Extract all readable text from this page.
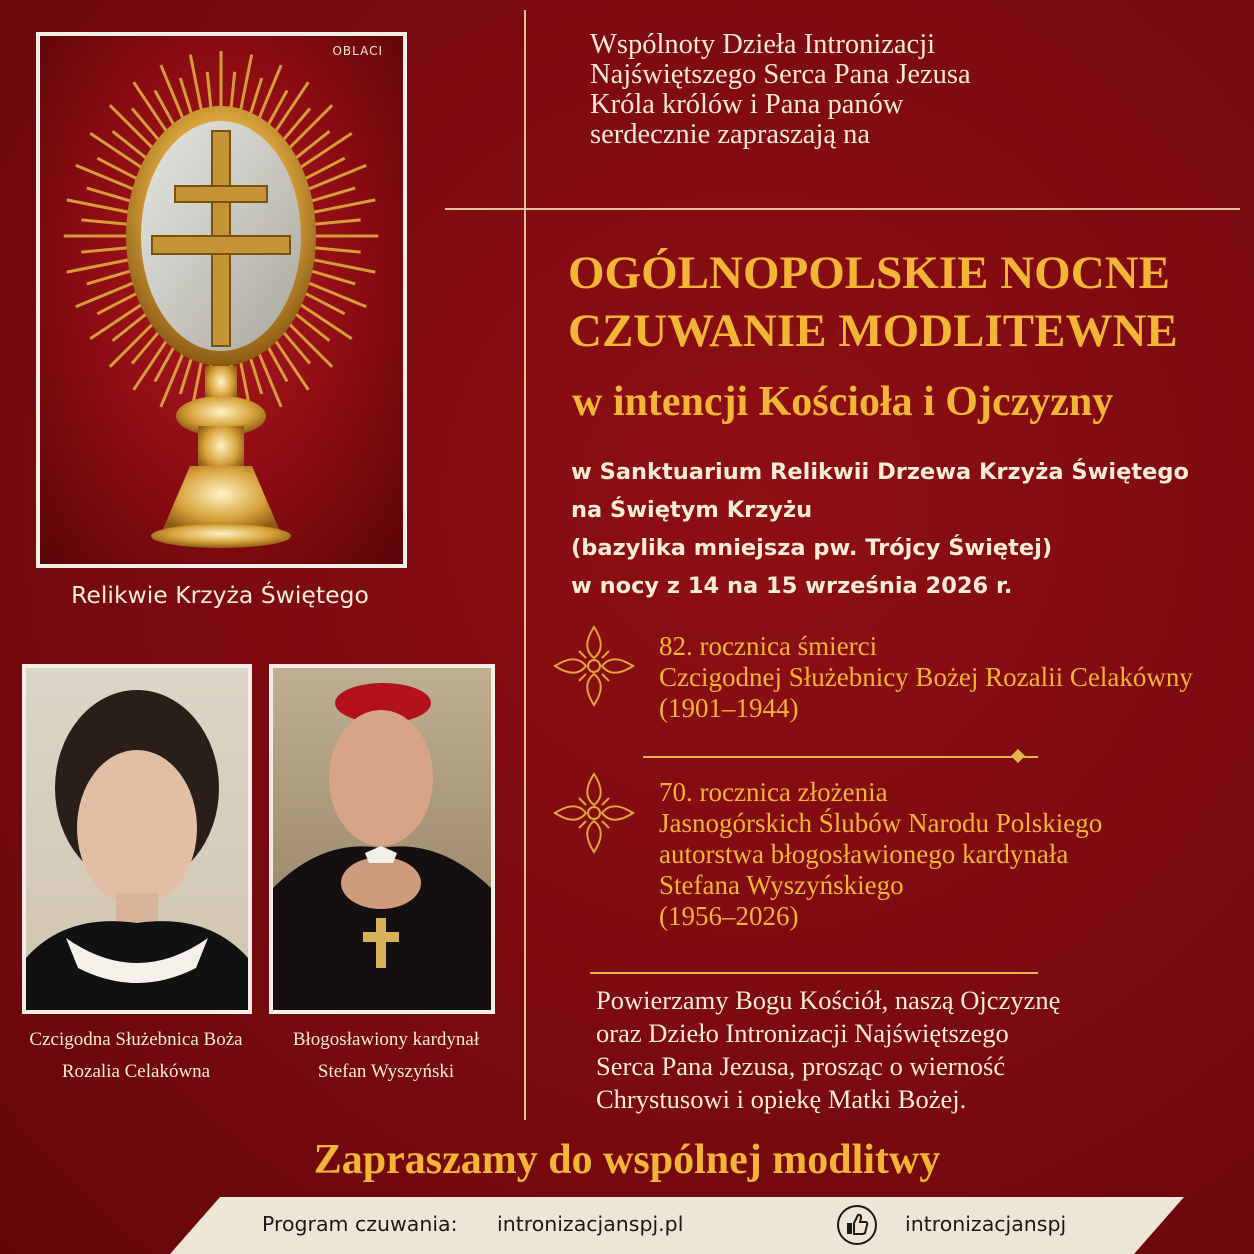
OBLACI
Relikwie Krzyża Świętego
Czcigodna Służebnica Boża
Rozalia Celakówna
Błogosławiony kardynał
Stefan Wyszyński
Wspólnoty Dzieła Intronizacji
Najświętszego Serca Pana Jezusa
Króla królów i Pana panów
serdecznie zapraszają na
OGÓLNOPOLSKIE NOCNE
CZUWANIE MODLITEWNE
w intencji Kościoła i Ojczyzny
w Sanktuarium Relikwii Drzewa Krzyża Świętego
na Świętym Krzyżu
(bazylika mniejsza pw. Trójcy Świętej)
w nocy z 14 na 15 września 2026 r.
82. rocznica śmierci
Czcigodnej Służebnicy Bożej Rozalii Celakówny
(1901–1944)
70. rocznica złożenia
Jasnogórskich Ślubów Narodu Polskiego
autorstwa błogosławionego kardynała
Stefana Wyszyńskiego
(1956–2026)
Powierzamy Bogu Kościół, naszą Ojczyznę
oraz Dzieło Intronizacji Najświętszego
Serca Pana Jezusa, prosząc o wierność
Chrystusowi i opiekę Matki Bożej.
Zapraszamy do wspólnej modlitwy
Program czuwania: intronizacjanspj.pl	intronizacjanspj
